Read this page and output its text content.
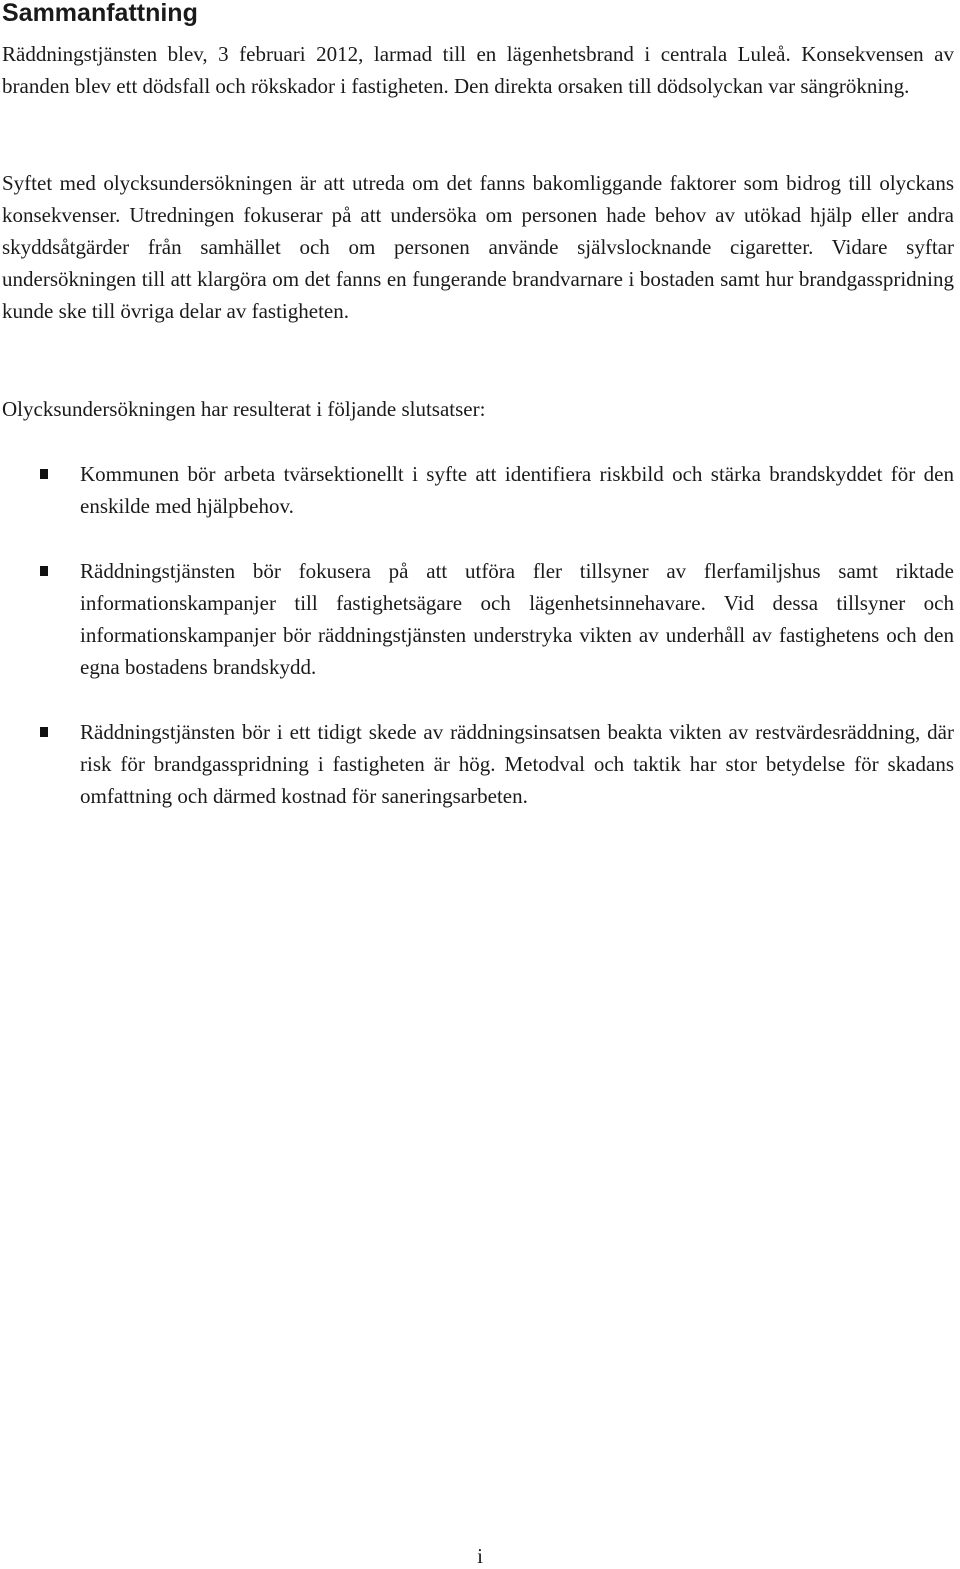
Sammanfattning

Räddningstjänsten blev, 3 februari 2012, larmad till en lägenhetsbrand i centrala Luleå. Konsekvensen av branden blev ett dödsfall och rökskador i fastigheten. Den direkta orsaken till dödsolyckan var sängrökning.

Syftet med olycksundersökningen är att utreda om det fanns bakomliggande faktorer som bidrog till olyckans konsekvenser. Utredningen fokuserar på att undersöka om personen hade behov av utökad hjälp eller andra skyddsåtgärder från samhället och om personen använde självslocknande cigaretter. Vidare syftar undersökningen till att klargöra om det fanns en fungerande brandvarnare i bostaden samt hur brandgasspridning kunde ske till övriga delar av fastigheten.

Olycksundersökningen har resulterat i följande slutsatser:

Kommunen bör arbeta tvärsektionellt i syfte att identifiera riskbild och stärka brandskyddet för den enskilde med hjälpbehov.

Räddningstjänsten bör fokusera på att utföra fler tillsyner av flerfamiljshus samt riktade informationskampanjer till fastighetsägare och lägenhetsinnehavare. Vid dessa tillsyner och informationskampanjer bör räddningstjänsten understryka vikten av underhåll av fastighetens och den egna bostadens brandskydd.

Räddningstjänsten bör i ett tidigt skede av räddningsinsatsen beakta vikten av restvärdesräddning, där risk för brandgasspridning i fastigheten är hög. Metodval och taktik har stor betydelse för skadans omfattning och därmed kostnad för saneringsarbeten.

i
